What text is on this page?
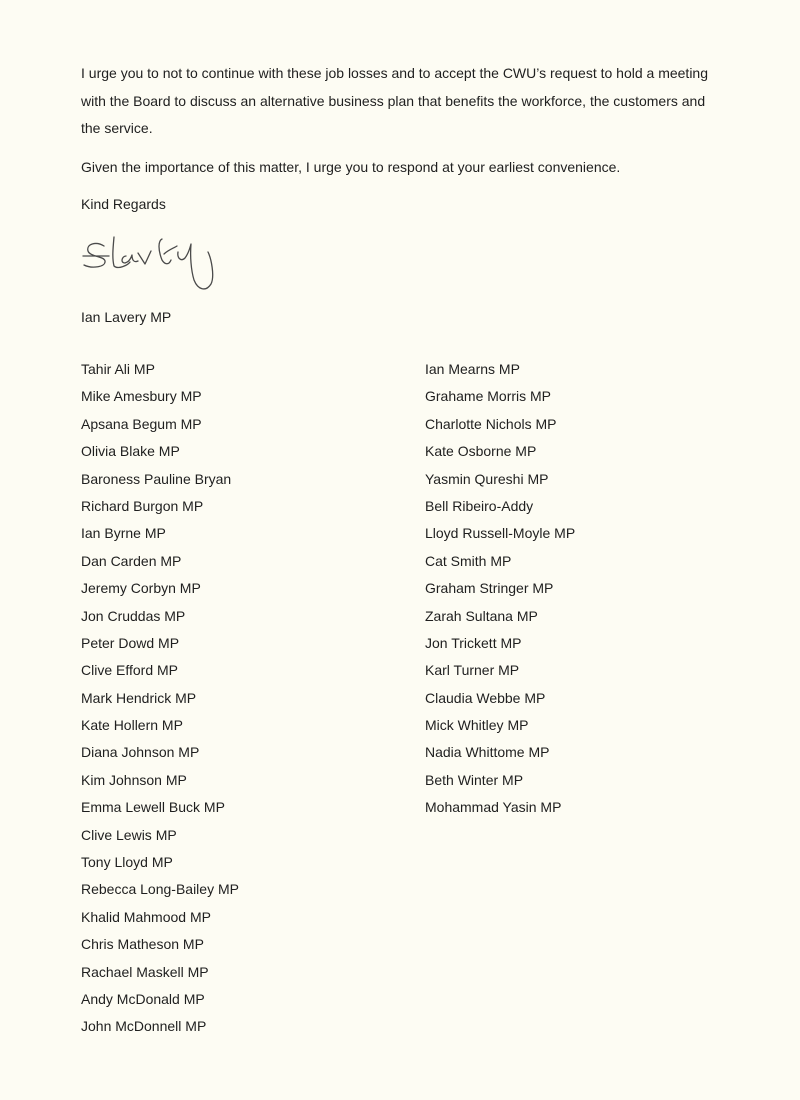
I urge you to not to continue with these job losses and to accept the CWU’s request to hold a meeting with the Board to discuss an alternative business plan that benefits the workforce, the customers and the service.

Given the importance of this matter, I urge you to respond at your earliest convenience.

Kind Regards
Ian Lavery MP
Tahir Ali MP
Mike Amesbury MP
Apsana Begum MP
Olivia Blake MP
Baroness Pauline Bryan
Richard Burgon MP
Ian Byrne MP
Dan Carden MP
Jeremy Corbyn MP
Jon Cruddas MP
Peter Dowd MP
Clive Efford MP
Mark Hendrick MP
Kate Hollern MP
Diana Johnson MP
Kim Johnson MP
Emma Lewell Buck MP
Clive Lewis MP
Tony Lloyd MP
Rebecca Long-Bailey MP
Khalid Mahmood MP
Chris Matheson MP
Rachael Maskell MP
Andy McDonald MP
John McDonnell MP
Ian Mearns MP
Grahame Morris MP
Charlotte Nichols MP
Kate Osborne MP
Yasmin Qureshi MP
Bell Ribeiro-Addy
Lloyd Russell-Moyle MP
Cat Smith MP
Graham Stringer MP
Zarah Sultana MP
Jon Trickett MP
Karl Turner MP
Claudia Webbe MP
Mick Whitley MP
Nadia Whittome MP
Beth Winter MP
Mohammad Yasin MP
